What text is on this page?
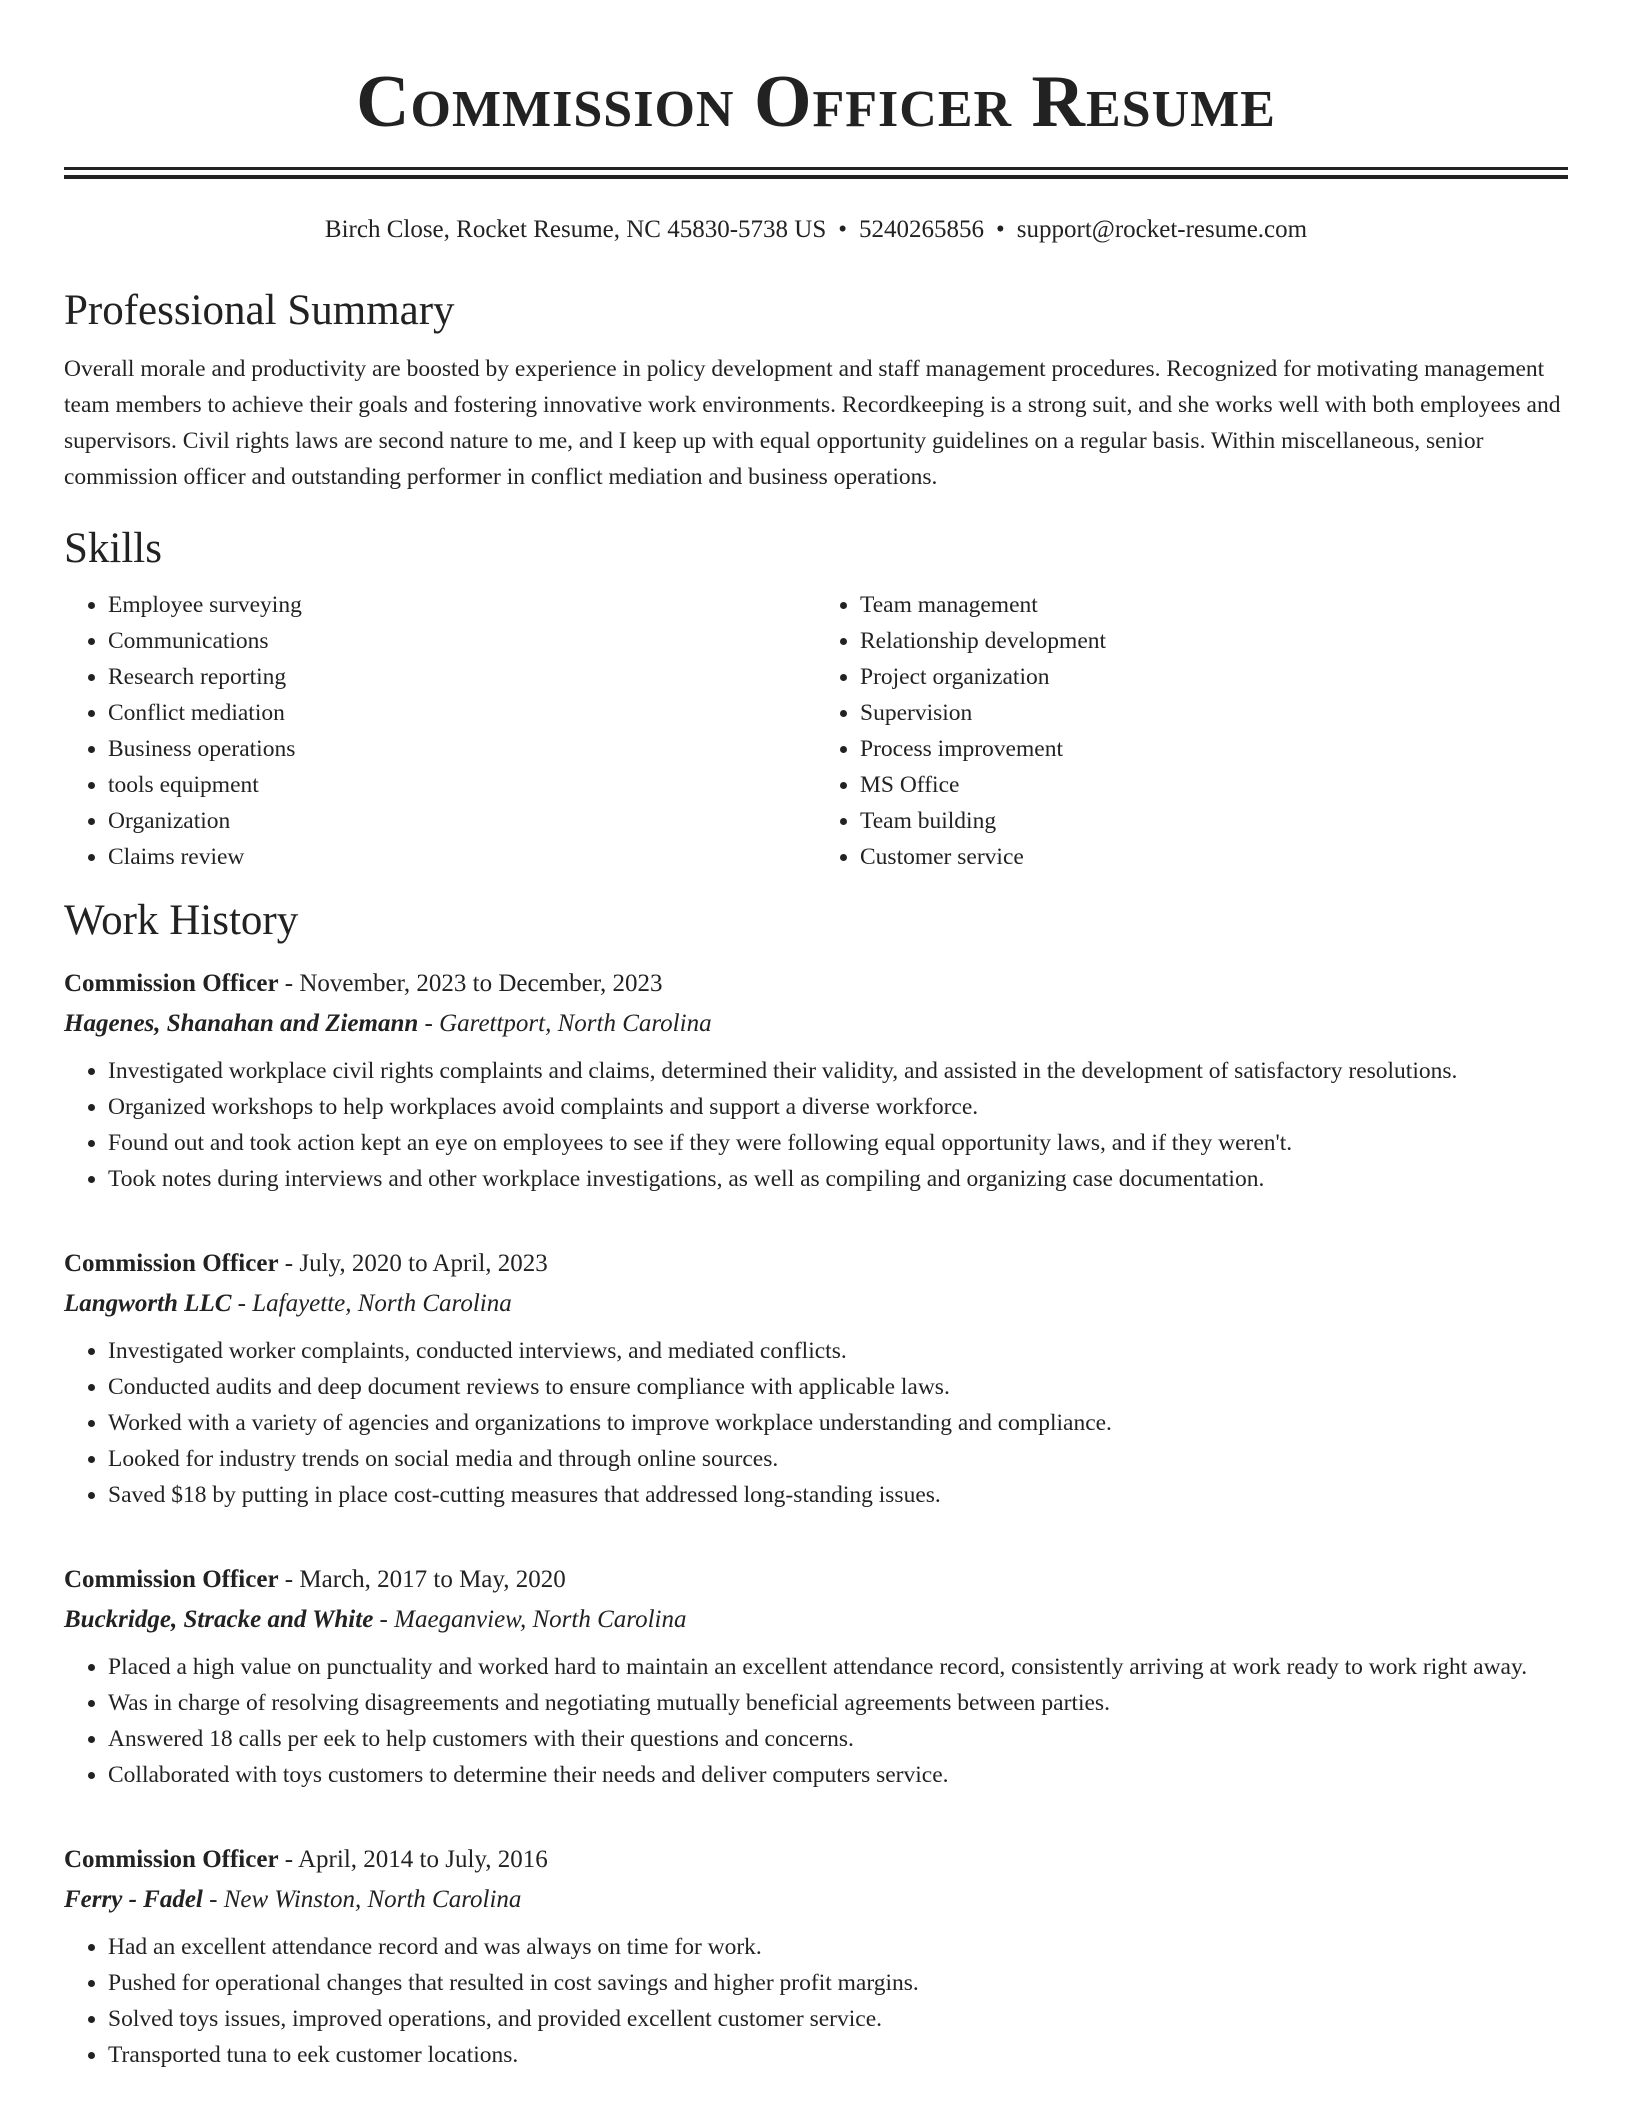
Commission Officer Resume
Birch Close, Rocket Resume, NC 45830-5738 US • 5240265856 • support@rocket-resume.com
Professional Summary
Overall morale and productivity are boosted by experience in policy development and staff management procedures. Recognized for motivating management team members to achieve their goals and fostering innovative work environments. Recordkeeping is a strong suit, and she works well with both employees and supervisors. Civil rights laws are second nature to me, and I keep up with equal opportunity guidelines on a regular basis. Within miscellaneous, senior commission officer and outstanding performer in conflict mediation and business operations.
Skills
• Employee surveying
• Communications
• Research reporting
• Conflict mediation
• Business operations
• tools equipment
• Organization
• Claims review
• Team management
• Relationship development
• Project organization
• Supervision
• Process improvement
• MS Office
• Team building
• Customer service
Work History
Commission Officer - November, 2023 to December, 2023
Hagenes, Shanahan and Ziemann - Garettport, North Carolina
• Investigated workplace civil rights complaints and claims, determined their validity, and assisted in the development of satisfactory resolutions.
• Organized workshops to help workplaces avoid complaints and support a diverse workforce.
• Found out and took action kept an eye on employees to see if they were following equal opportunity laws, and if they weren't.
• Took notes during interviews and other workplace investigations, as well as compiling and organizing case documentation.
Commission Officer - July, 2020 to April, 2023
Langworth LLC - Lafayette, North Carolina
• Investigated worker complaints, conducted interviews, and mediated conflicts.
• Conducted audits and deep document reviews to ensure compliance with applicable laws.
• Worked with a variety of agencies and organizations to improve workplace understanding and compliance.
• Looked for industry trends on social media and through online sources.
• Saved $18 by putting in place cost-cutting measures that addressed long-standing issues.
Commission Officer - March, 2017 to May, 2020
Buckridge, Stracke and White - Maeganview, North Carolina
• Placed a high value on punctuality and worked hard to maintain an excellent attendance record, consistently arriving at work ready to work right away.
• Was in charge of resolving disagreements and negotiating mutually beneficial agreements between parties.
• Answered 18 calls per eek to help customers with their questions and concerns.
• Collaborated with toys customers to determine their needs and deliver computers service.
Commission Officer - April, 2014 to July, 2016
Ferry - Fadel - New Winston, North Carolina
• Had an excellent attendance record and was always on time for work.
• Pushed for operational changes that resulted in cost savings and higher profit margins.
• Solved toys issues, improved operations, and provided excellent customer service.
• Transported tuna to eek customer locations.
